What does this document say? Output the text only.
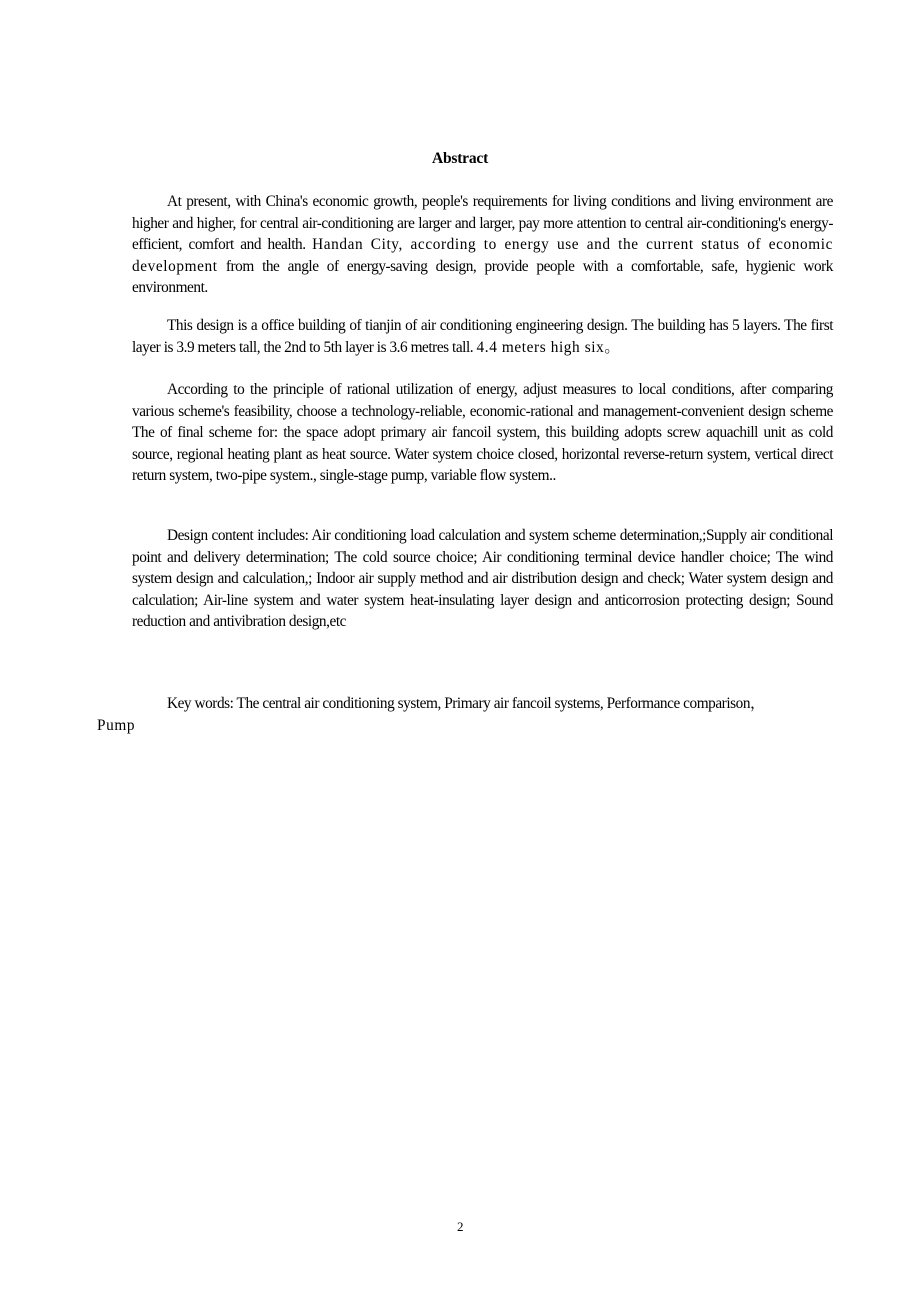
Abstract

At present, with China's economic growth, people's requirements for living conditions and living environment are higher and higher, for central air-conditioning are larger and larger, pay more attention to central air-conditioning's energy-efficient, comfort and health. Handan City, according to energy use and the current status of economic development from the angle of energy-saving design, provide people with a comfortable, safe, hygienic work environment.

This design is a office building of tianjin of air conditioning engineering design. The building has 5 layers. The first layer is 3.9 meters tall, the 2nd to 5th layer is 3.6 metres tall. 4.4 meters high six。

According to the principle of rational utilization of energy, adjust measures to local conditions, after comparing various scheme's feasibility, choose a technology-reliable, economic-rational and management-convenient design scheme The of final scheme for: the space adopt primary air fancoil system, this building adopts screw aquachill unit as cold source, regional heating plant as heat source. Water system choice closed, horizontal reverse-return system, vertical direct return system, two-pipe system., single-stage pump, variable flow system..

Design content includes: Air conditioning load calculation and system scheme determination,;Supply air conditional point and delivery determination; The cold source choice; Air conditioning terminal device handler choice; The wind system design and calculation,; Indoor air supply method and air distribution design and check; Water system design and calculation; Air-line system and water system heat-insulating layer design and anticorrosion protecting design; Sound reduction and antivibration design,etc

Key words: The central air conditioning system, Primary air fancoil systems, Performance comparison，
Pump

2
